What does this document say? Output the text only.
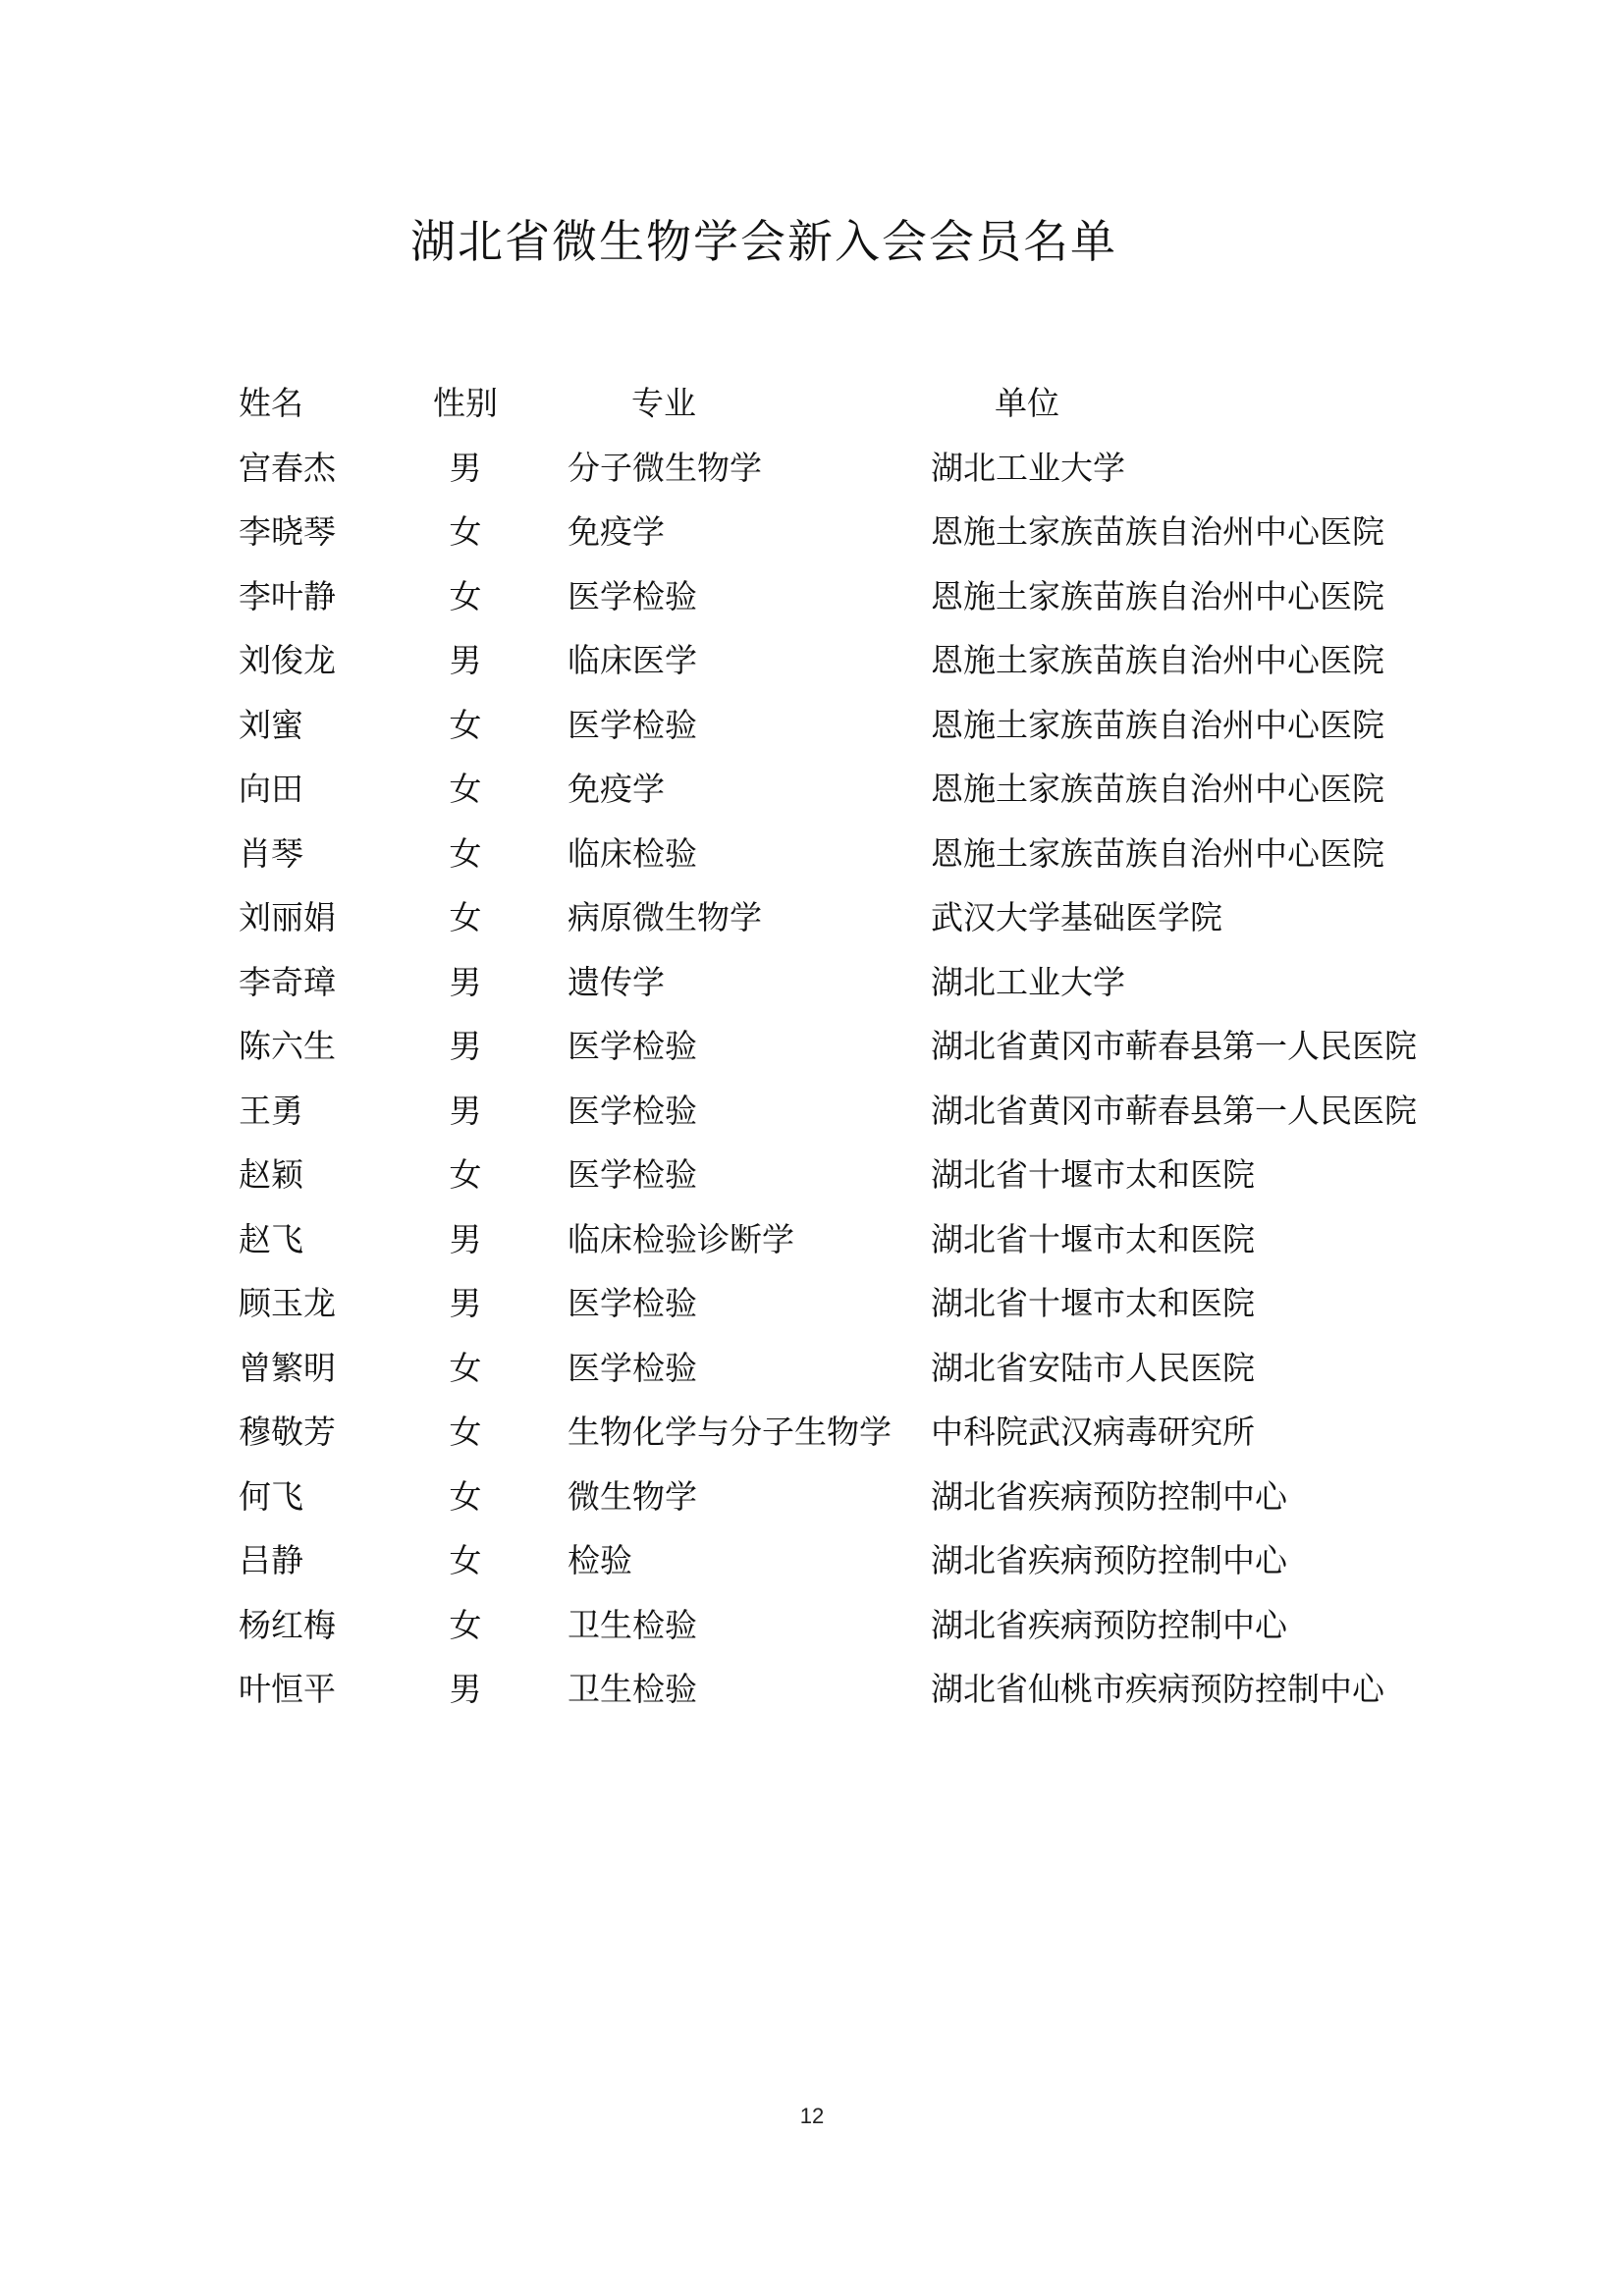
湖北省微生物学会新入会会员名单
姓名	性别	专业	单位
宫春杰	男	分子微生物学	湖北工业大学
李晓琴	女	免疫学	恩施土家族苗族自治州中心医院
李叶静	女	医学检验	恩施土家族苗族自治州中心医院
刘俊龙	男	临床医学	恩施土家族苗族自治州中心医院
刘蜜	女	医学检验	恩施土家族苗族自治州中心医院
向田	女	免疫学	恩施土家族苗族自治州中心医院
肖琴	女	临床检验	恩施土家族苗族自治州中心医院
刘丽娟	女	病原微生物学	武汉大学基础医学院
李奇璋	男	遗传学	湖北工业大学
陈六生	男	医学检验	湖北省黄冈市蕲春县第一人民医院
王勇	男	医学检验	湖北省黄冈市蕲春县第一人民医院
赵颖	女	医学检验	湖北省十堰市太和医院
赵飞	男	临床检验诊断学	湖北省十堰市太和医院
顾玉龙	男	医学检验	湖北省十堰市太和医院
曾繁明	女	医学检验	湖北省安陆市人民医院
穆敬芳	女	生物化学与分子生物学 中科院武汉病毒研究所
何飞	女	微生物学	湖北省疾病预防控制中心
吕静	女	检验	湖北省疾病预防控制中心
杨红梅	女	卫生检验	湖北省疾病预防控制中心
叶恒平	男	卫生检验	湖北省仙桃市疾病预防控制中心
12
